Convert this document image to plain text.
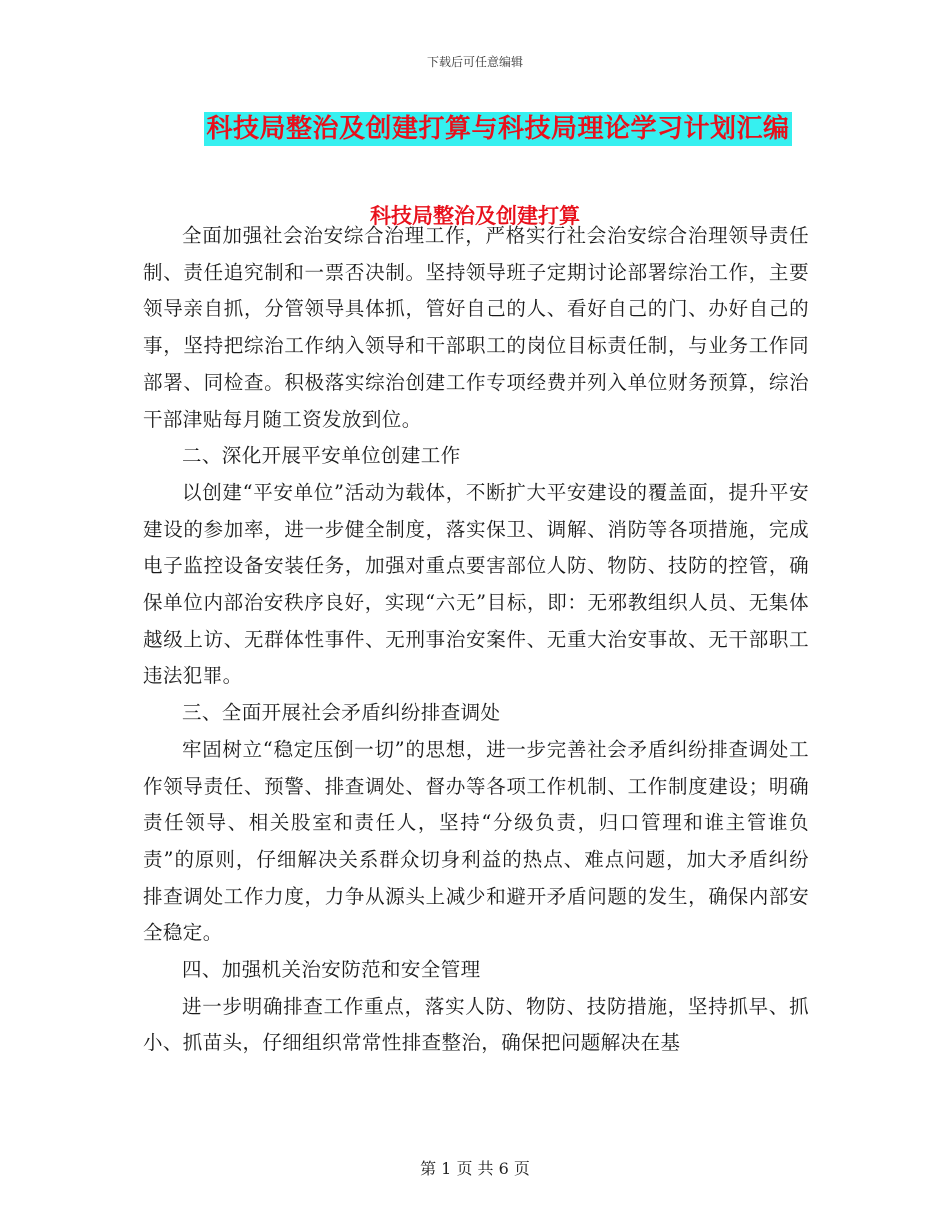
下载后可任意编辑
科技局整治及创建打算与科技局理论学习计划汇编
科技局整治及创建打算

全面加强社会治安综合治理工作，严格实行社会治安综合治理领导责任制、责任追究制和一票否决制。坚持领导班子定期讨论部署综治工作，主要领导亲自抓，分管领导具体抓，管好自己的人、看好自己的门、办好自己的事，坚持把综治工作纳入领导和干部职工的岗位目标责任制，与业务工作同部署、同检查。积极落实综治创建工作专项经费并列入单位财务预算，综治干部津贴每月随工资发放到位。

二、深化开展平安单位创建工作

以创建“平安单位”活动为载体，不断扩大平安建设的覆盖面，提升平安建设的参加率，进一步健全制度，落实保卫、调解、消防等各项措施，完成电子监控设备安装任务，加强对重点要害部位人防、物防、技防的控管，确保单位内部治安秩序良好，实现“六无”目标，即：无邪教组织人员、无集体越级上访、无群体性事件、无刑事治安案件、无重大治安事故、无干部职工违法犯罪。

三、全面开展社会矛盾纠纷排查调处

牢固树立“稳定压倒一切”的思想，进一步完善社会矛盾纠纷排查调处工作领导责任、预警、排查调处、督办等各项工作机制、工作制度建设；明确责任领导、相关股室和责任人，坚持“分级负责，归口管理和谁主管谁负责”的原则，仔细解决关系群众切身利益的热点、难点问题，加大矛盾纠纷排查调处工作力度，力争从源头上减少和避开矛盾问题的发生，确保内部安全稳定。

四、加强机关治安防范和安全管理

进一步明确排查工作重点，落实人防、物防、技防措施，坚持抓早、抓小、抓苗头，仔细组织常常性排查整治，确保把问题解决在基

第 1 页 共 6 页
